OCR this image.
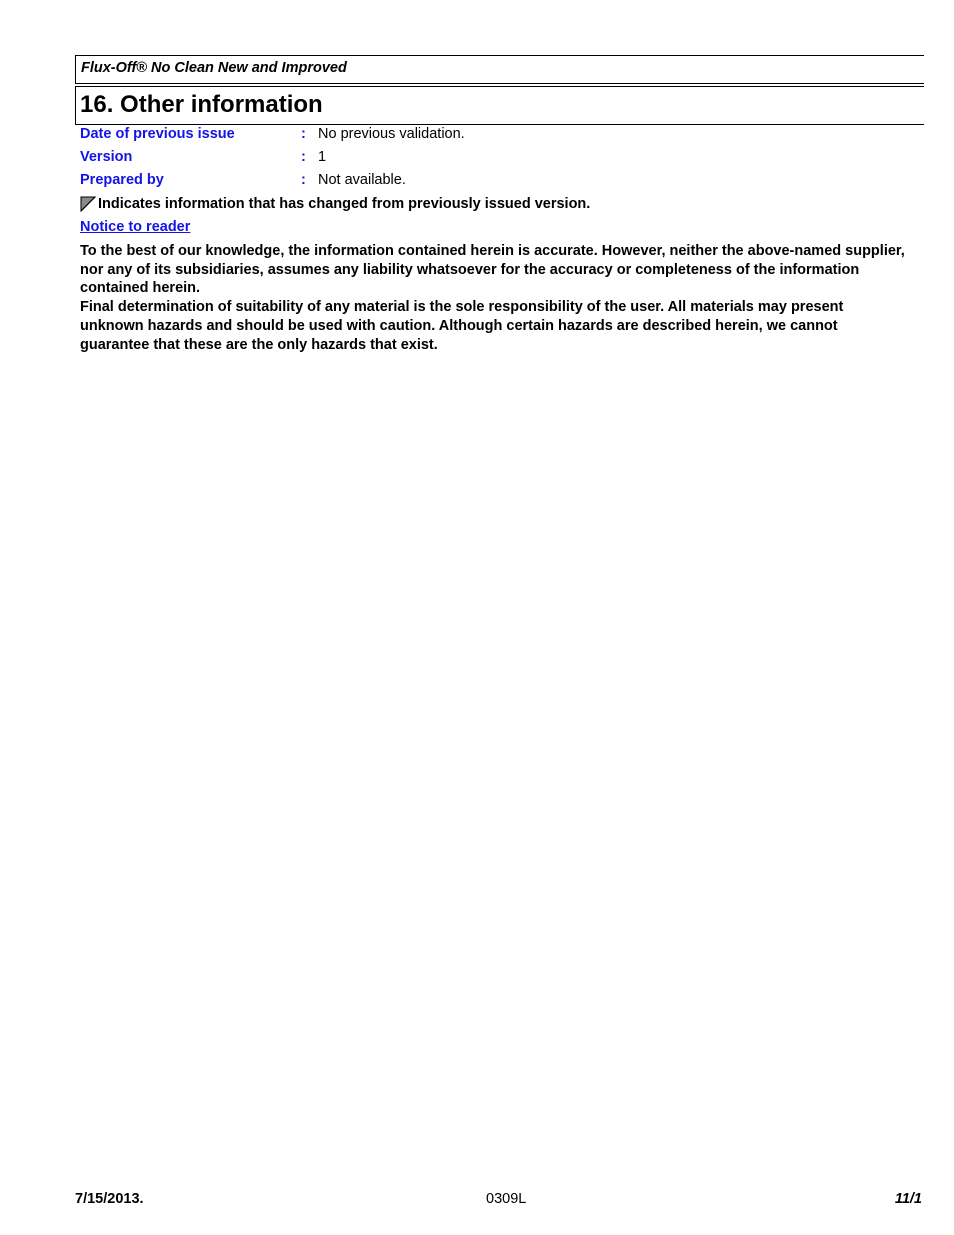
Flux-Off® No Clean New and Improved
16. Other information
Date of previous issue	: No previous validation.
Version	: 1
Prepared by	: Not available.
Indicates information that has changed from previously issued version.
Notice to reader

To the best of our knowledge, the information contained herein is accurate. However, neither the above-named supplier, nor any of its subsidiaries, assumes any liability whatsoever for the accuracy or completeness of the information contained herein.

Final determination of suitability of any material is the sole responsibility of the user. All materials may present unknown hazards and should be used with caution. Although certain hazards are described herein, we cannot guarantee that these are the only hazards that exist.

7/15/2013.	0309L	11/1
